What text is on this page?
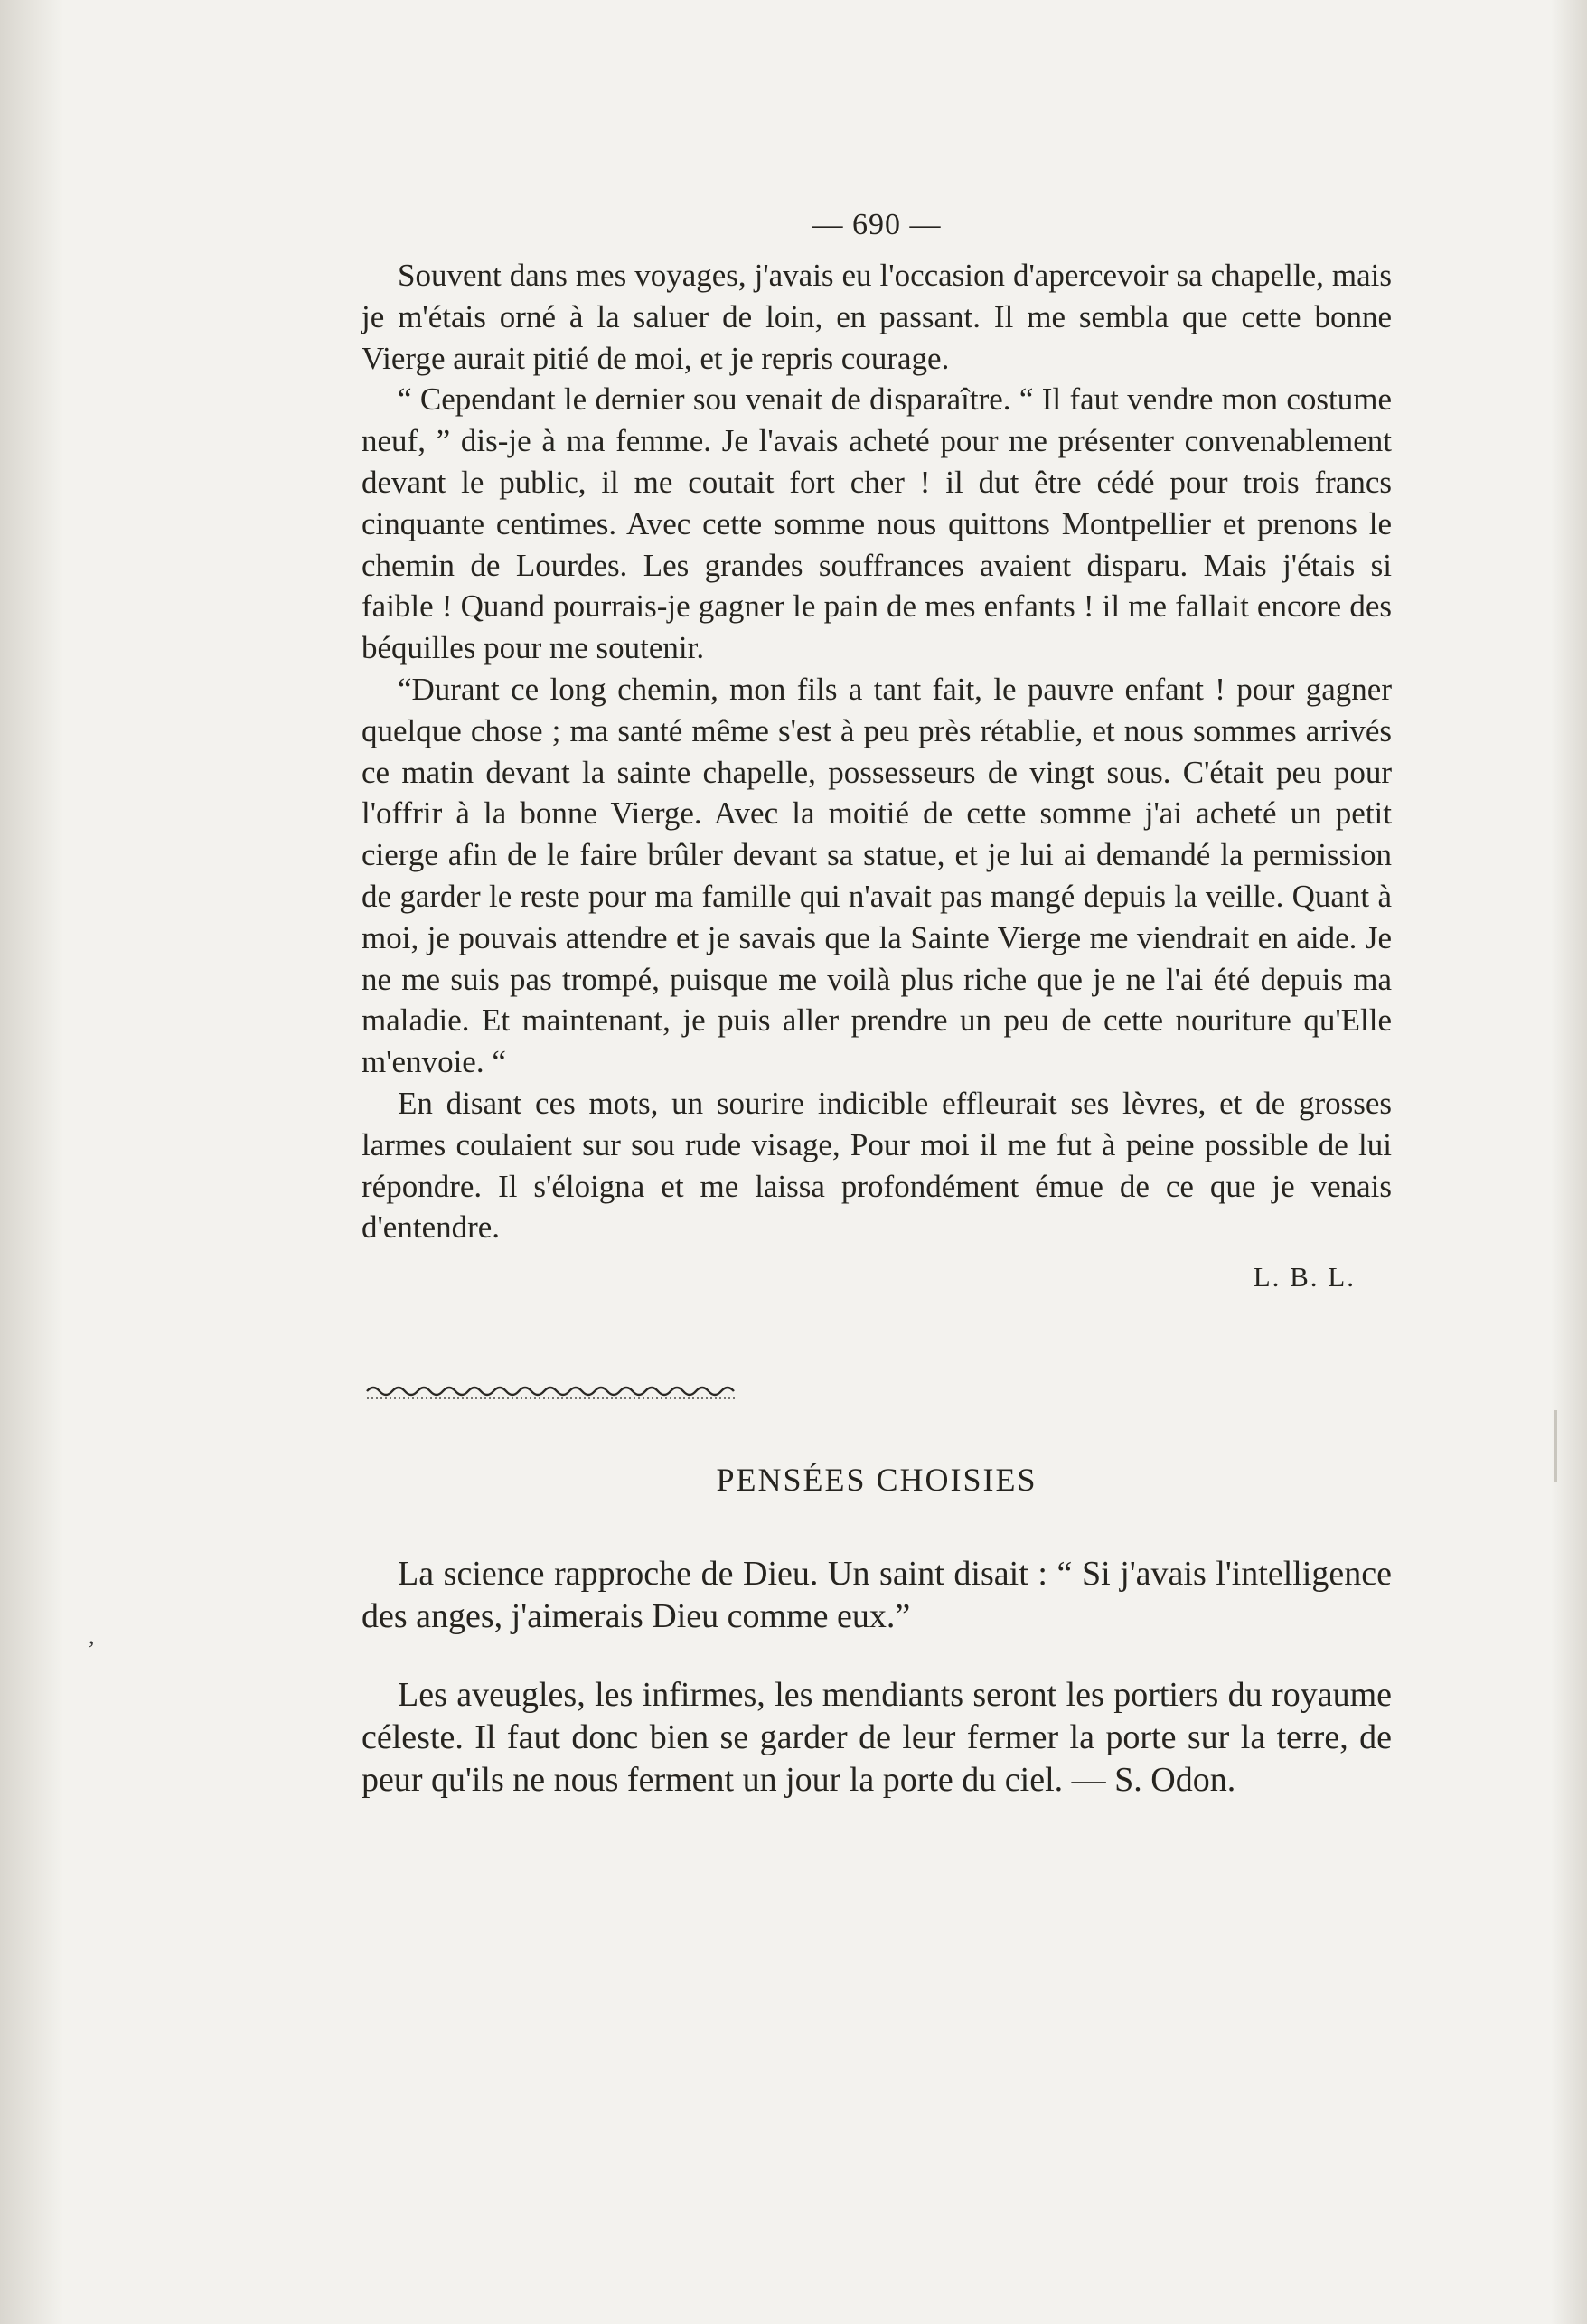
,
— 690 —

Souvent dans mes voyages, j'avais eu l'occasion d'apercevoir sa chapelle, mais je m'étais orné à la saluer de loin, en passant. Il me sembla que cette bonne Vierge aurait pitié de moi, et je repris courage.

“ Cependant le dernier sou venait de disparaître. “ Il faut vendre mon costume neuf, ” dis-je à ma femme. Je l'avais acheté pour me présenter convenablement devant le public, il me coutait fort cher ! il dut être cédé pour trois francs cinquante centimes. Avec cette somme nous quittons Montpellier et prenons le chemin de Lourdes. Les grandes souffrances avaient disparu. Mais j'étais si faible ! Quand pourrais-je gagner le pain de mes enfants ! il me fallait encore des béquilles pour me soutenir.

“Durant ce long chemin, mon fils a tant fait, le pauvre enfant ! pour gagner quelque chose ; ma santé même s'est à peu près rétablie, et nous sommes arrivés ce matin devant la sainte chapelle, possesseurs de vingt sous. C'était peu pour l'offrir à la bonne Vierge. Avec la moitié de cette somme j'ai acheté un petit cierge afin de le faire brûler devant sa statue, et je lui ai demandé la permission de garder le reste pour ma famille qui n'avait pas mangé depuis la veille. Quant à moi, je pouvais attendre et je savais que la Sainte Vierge me viendrait en aide. Je ne me suis pas trompé, puisque me voilà plus riche que je ne l'ai été depuis ma maladie. Et maintenant, je puis aller prendre un peu de cette nouriture qu'Elle m'envoie. “

En disant ces mots, un sourire indicible effleurait ses lèvres, et de grosses larmes coulaient sur sou rude visage, Pour moi il me fut à peine possible de lui répondre. Il s'éloigna et me laissa profondément émue de ce que je venais d'entendre.

L. B. L.
PENSÉES CHOISIES

La science rapproche de Dieu. Un saint disait : “ Si j'avais l'intelligence des anges, j'aimerais Dieu comme eux.”

Les aveugles, les infirmes, les mendiants seront les portiers du royaume céleste. Il faut donc bien se garder de leur fermer la porte sur la terre, de peur qu'ils ne nous ferment un jour la porte du ciel. — S. Odon.
